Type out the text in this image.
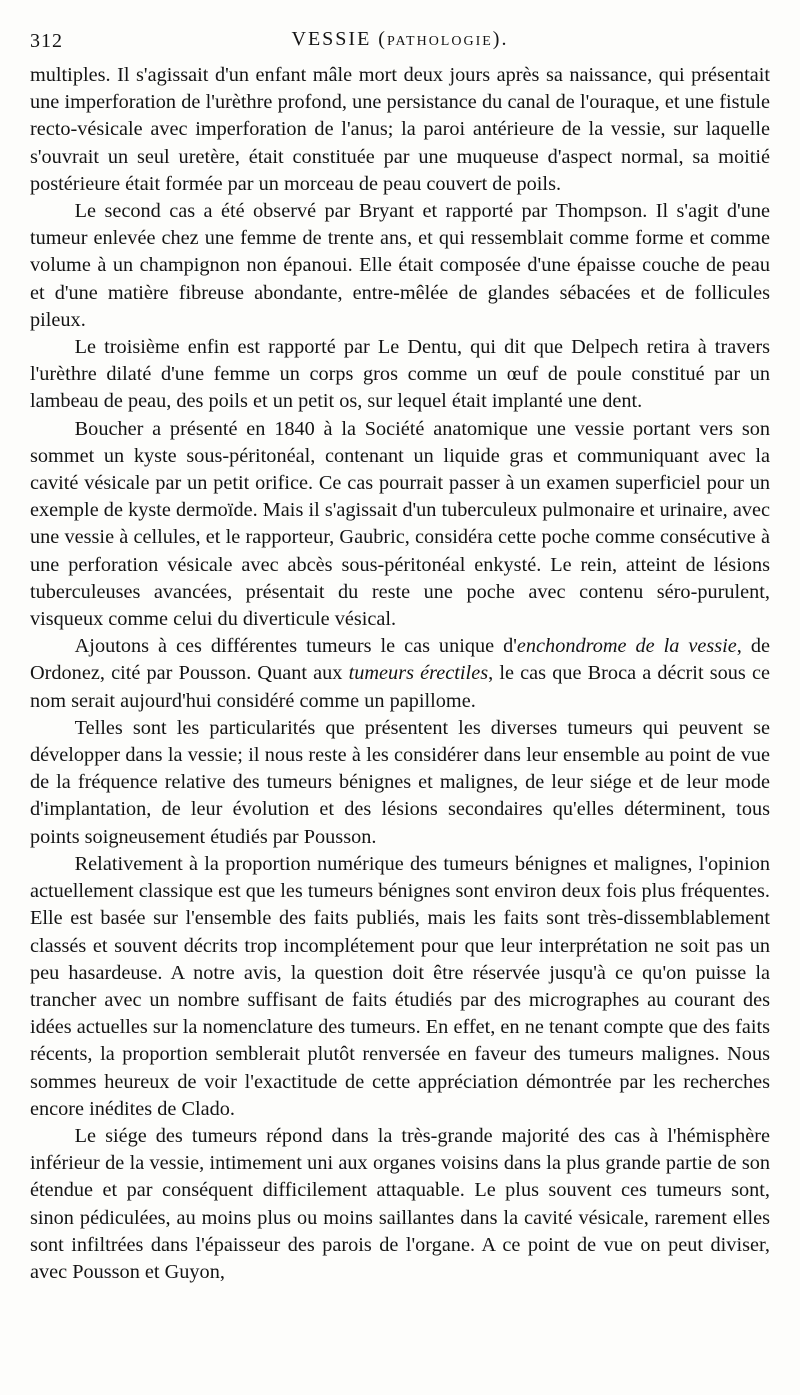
312	VESSIE (PATHOLOGIE).

multiples. Il s'agissait d'un enfant mâle mort deux jours après sa naissance, qui présentait une imperforation de l'urèthre profond, une persistance du canal de l'ouraque, et une fistule recto-vésicale avec imperforation de l'anus; la paroi antérieure de la vessie, sur laquelle s'ouvrait un seul uretère, était constituée par une muqueuse d'aspect normal, sa moitié postérieure était formée par un morceau de peau couvert de poils.

Le second cas a été observé par Bryant et rapporté par Thompson. Il s'agit d'une tumeur enlevée chez une femme de trente ans, et qui ressemblait comme forme et comme volume à un champignon non épanoui. Elle était composée d'une épaisse couche de peau et d'une matière fibreuse abondante, entre-mêlée de glandes sébacées et de follicules pileux.

Le troisième enfin est rapporté par Le Dentu, qui dit que Delpech retira à travers l'urèthre dilaté d'une femme un corps gros comme un œuf de poule constitué par un lambeau de peau, des poils et un petit os, sur lequel était implanté une dent.

Boucher a présenté en 1840 à la Société anatomique une vessie portant vers son sommet un kyste sous-péritonéal, contenant un liquide gras et communiquant avec la cavité vésicale par un petit orifice. Ce cas pourrait passer à un examen superficiel pour un exemple de kyste dermoïde. Mais il s'agissait d'un tuberculeux pulmonaire et urinaire, avec une vessie à cellules, et le rapporteur, Gaubric, considéra cette poche comme consécutive à une perforation vésicale avec abcès sous-péritonéal enkysté. Le rein, atteint de lésions tuberculeuses avancées, présentait du reste une poche avec contenu séro-purulent, visqueux comme celui du diverticule vésical.

Ajoutons à ces différentes tumeurs le cas unique d'enchondrome de la vessie, de Ordonez, cité par Pousson. Quant aux tumeurs érectiles, le cas que Broca a décrit sous ce nom serait aujourd'hui considéré comme un papillome.

Telles sont les particularités que présentent les diverses tumeurs qui peuvent se développer dans la vessie; il nous reste à les considérer dans leur ensemble au point de vue de la fréquence relative des tumeurs bénignes et malignes, de leur siége et de leur mode d'implantation, de leur évolution et des lésions secondaires qu'elles déterminent, tous points soigneusement étudiés par Pousson.

Relativement à la proportion numérique des tumeurs bénignes et malignes, l'opinion actuellement classique est que les tumeurs bénignes sont environ deux fois plus fréquentes. Elle est basée sur l'ensemble des faits publiés, mais les faits sont très-dissemblablement classés et souvent décrits trop incomplétement pour que leur interprétation ne soit pas un peu hasardeuse. A notre avis, la question doit être réservée jusqu'à ce qu'on puisse la trancher avec un nombre suffisant de faits étudiés par des micrographes au courant des idées actuelles sur la nomenclature des tumeurs. En effet, en ne tenant compte que des faits récents, la proportion semblerait plutôt renversée en faveur des tumeurs malignes. Nous sommes heureux de voir l'exactitude de cette appréciation démontrée par les recherches encore inédites de Clado.

Le siége des tumeurs répond dans la très-grande majorité des cas à l'hémisphère inférieur de la vessie, intimement uni aux organes voisins dans la plus grande partie de son étendue et par conséquent difficilement attaquable. Le plus souvent ces tumeurs sont, sinon pédiculées, au moins plus ou moins saillantes dans la cavité vésicale, rarement elles sont infiltrées dans l'épaisseur des parois de l'organe. A ce point de vue on peut diviser, avec Pousson et Guyon,
